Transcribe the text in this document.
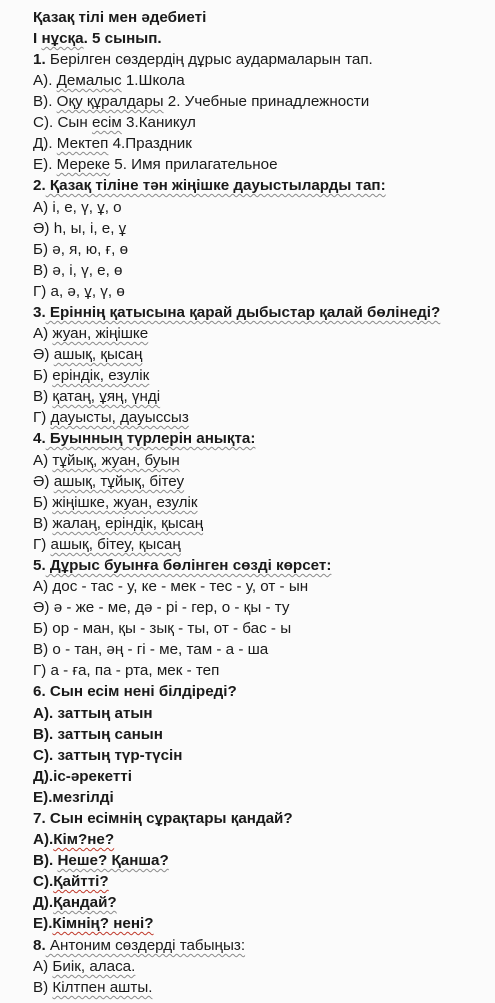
Қазақ тілі мен әдебиеті
І нұсқа. 5 сынып.
1. Берілген сөздердің дұрыс аудармаларын тап.
А). Демалыс 1.Школа
В). Оқу құралдары 2. Учебные принадлежности
С). Сын есім 3.Каникул
Д). Мектеп 4.Праздник
Е). Мереке 5. Имя прилагательное
2. Қазақ тіліне тән жіңішке дауыстыларды тап:
А) і, е, ү, ұ, о
Ә) һ, ы, і, е, ұ
Б) ә, я, ю, ғ, ө
В) ә, і, ү, е, ө
Г) а, ә, ұ, ү, ө
3. Еріннің қатысына қарай дыбыстар қалай бөлінеді?
А) жуан, жіңішке
Ә) ашық, қысаң
Б) еріндік, езулік
В) қатаң, ұяң, үнді
Г) дауысты, дауыссыз
4. Буынның түрлерін анықта:
А) тұйық, жуан, буын
Ә) ашық, тұйық, бітеу
Б) жіңішке, жуан, езулік
В) жалаң, еріндік, қысаң
Г) ашық, бітеу, қысаң
5. Дұрыс буынға бөлінген сөзді көрсет:
А) дос - тас - у, ке - мек - тес - у, от - ын
Ә) ә - же - ме, дә - рі - гер, о - қы - ту
Б) ор - ман, қы - зық - ты, от - бас - ы
В) о - тан, әң - гі - ме, там - а - ша
Г) а - ға, па - рта, мек - теп
6. Сын есім нені білдіреді?
А). заттың атын
В). заттың санын
С). заттың түр-түсін
Д).іс-әрекетті
Е).мезгілді
7. Сын есімнің сұрақтары қандай?
А).Кім?не?
В). Неше? Қанша?
С).Қайтті?
Д).Қандай?
Е).Кімнің? нені?
8. Антоним сөздерді табыңыз:
А) Биік, аласа.
В) Кілтпен ашты.
